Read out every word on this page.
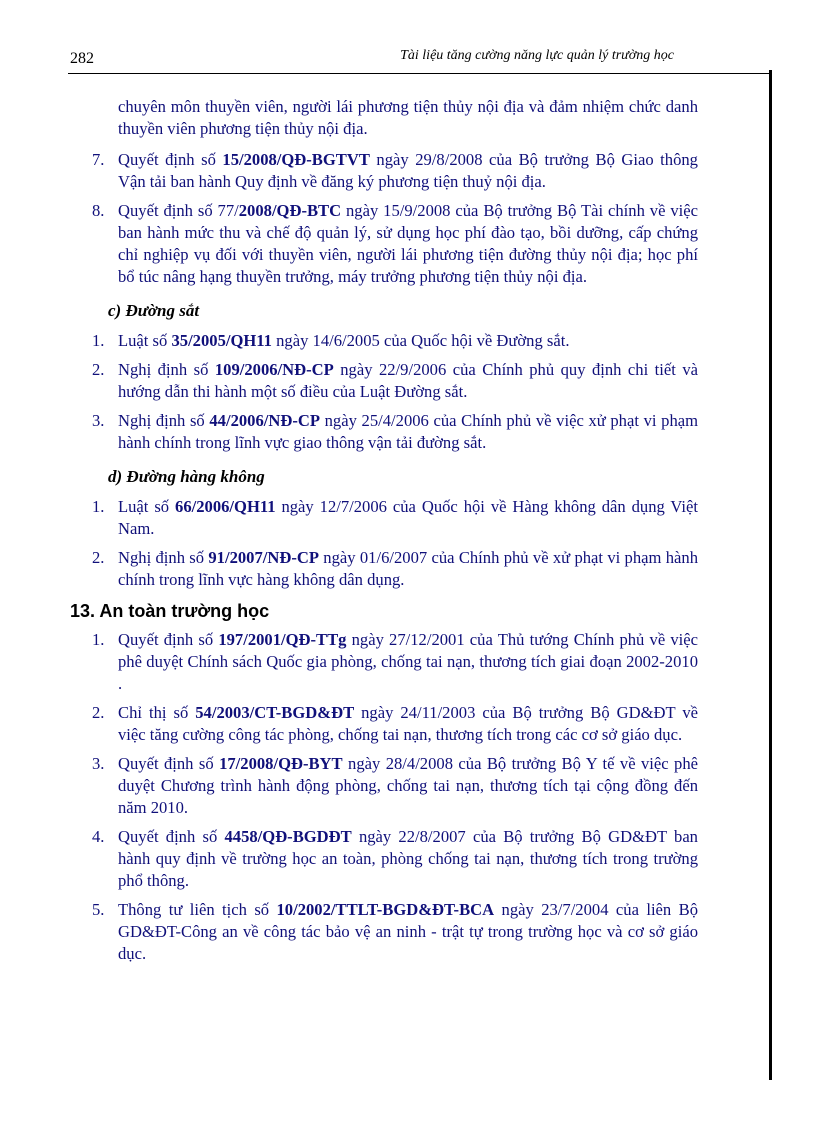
282	Tài liệu tăng cường năng lực quản lý trường học
chuyên môn thuyền viên, người lái phương tiện thủy nội địa và đảm nhiệm chức danh thuyền viên phương tiện thủy nội địa.
7. Quyết định số 15/2008/QĐ-BGTVT ngày 29/8/2008 của Bộ trưởng Bộ Giao thông Vận tải ban hành Quy định về đăng ký phương tiện thuỷ nội địa.
8. Quyết định số 77/2008/QĐ-BTC ngày 15/9/2008 của Bộ trưởng Bộ Tài chính về việc ban hành mức thu và chế độ quản lý, sử dụng học phí đào tạo, bồi dưỡng, cấp chứng chỉ nghiệp vụ đối với thuyền viên, người lái phương tiện đường thủy nội địa; học phí bổ túc nâng hạng thuyền trưởng, máy trưởng phương tiện thủy nội địa.
c) Đường sắt
1. Luật số 35/2005/QH11 ngày 14/6/2005 của Quốc hội về Đường sắt.
2. Nghị định số 109/2006/NĐ-CP ngày 22/9/2006 của Chính phủ quy định chi tiết và hướng dẫn thi hành một số điều của Luật Đường sắt.
3. Nghị định số 44/2006/NĐ-CP ngày 25/4/2006 của Chính phủ về việc xử phạt vi phạm hành chính trong lĩnh vực giao thông vận tải đường sắt.
d) Đường hàng không
1. Luật số 66/2006/QH11 ngày 12/7/2006 của Quốc hội về Hàng không dân dụng Việt Nam.
2. Nghị định số 91/2007/NĐ-CP ngày 01/6/2007 của Chính phủ về xử phạt vi phạm hành chính trong lĩnh vực hàng không dân dụng.
13. An toàn trường học
1. Quyết định số 197/2001/QĐ-TTg ngày 27/12/2001 của Thủ tướng Chính phủ về việc phê duyệt Chính sách Quốc gia phòng, chống tai nạn, thương tích giai đoạn 2002-2010 .
2. Chỉ thị số 54/2003/CT-BGD&ĐT ngày 24/11/2003 của Bộ trưởng Bộ GD&ĐT về việc tăng cường công tác phòng, chống tai nạn, thương tích trong các cơ sở giáo dục.
3. Quyết định số 17/2008/QĐ-BYT ngày 28/4/2008 của Bộ trưởng Bộ Y tế về việc phê duyệt Chương trình hành động phòng, chống tai nạn, thương tích tại cộng đồng đến năm 2010.
4. Quyết định số 4458/QĐ-BGDĐT ngày 22/8/2007 của Bộ trưởng Bộ GD&ĐT ban hành quy định về trường học an toàn, phòng chống tai nạn, thương tích trong trường phổ thông.
5. Thông tư liên tịch số 10/2002/TTLT-BGD&ĐT-BCA ngày 23/7/2004 của liên Bộ GD&ĐT-Công an về công tác bảo vệ an ninh - trật tự trong trường học và cơ sở giáo dục.
